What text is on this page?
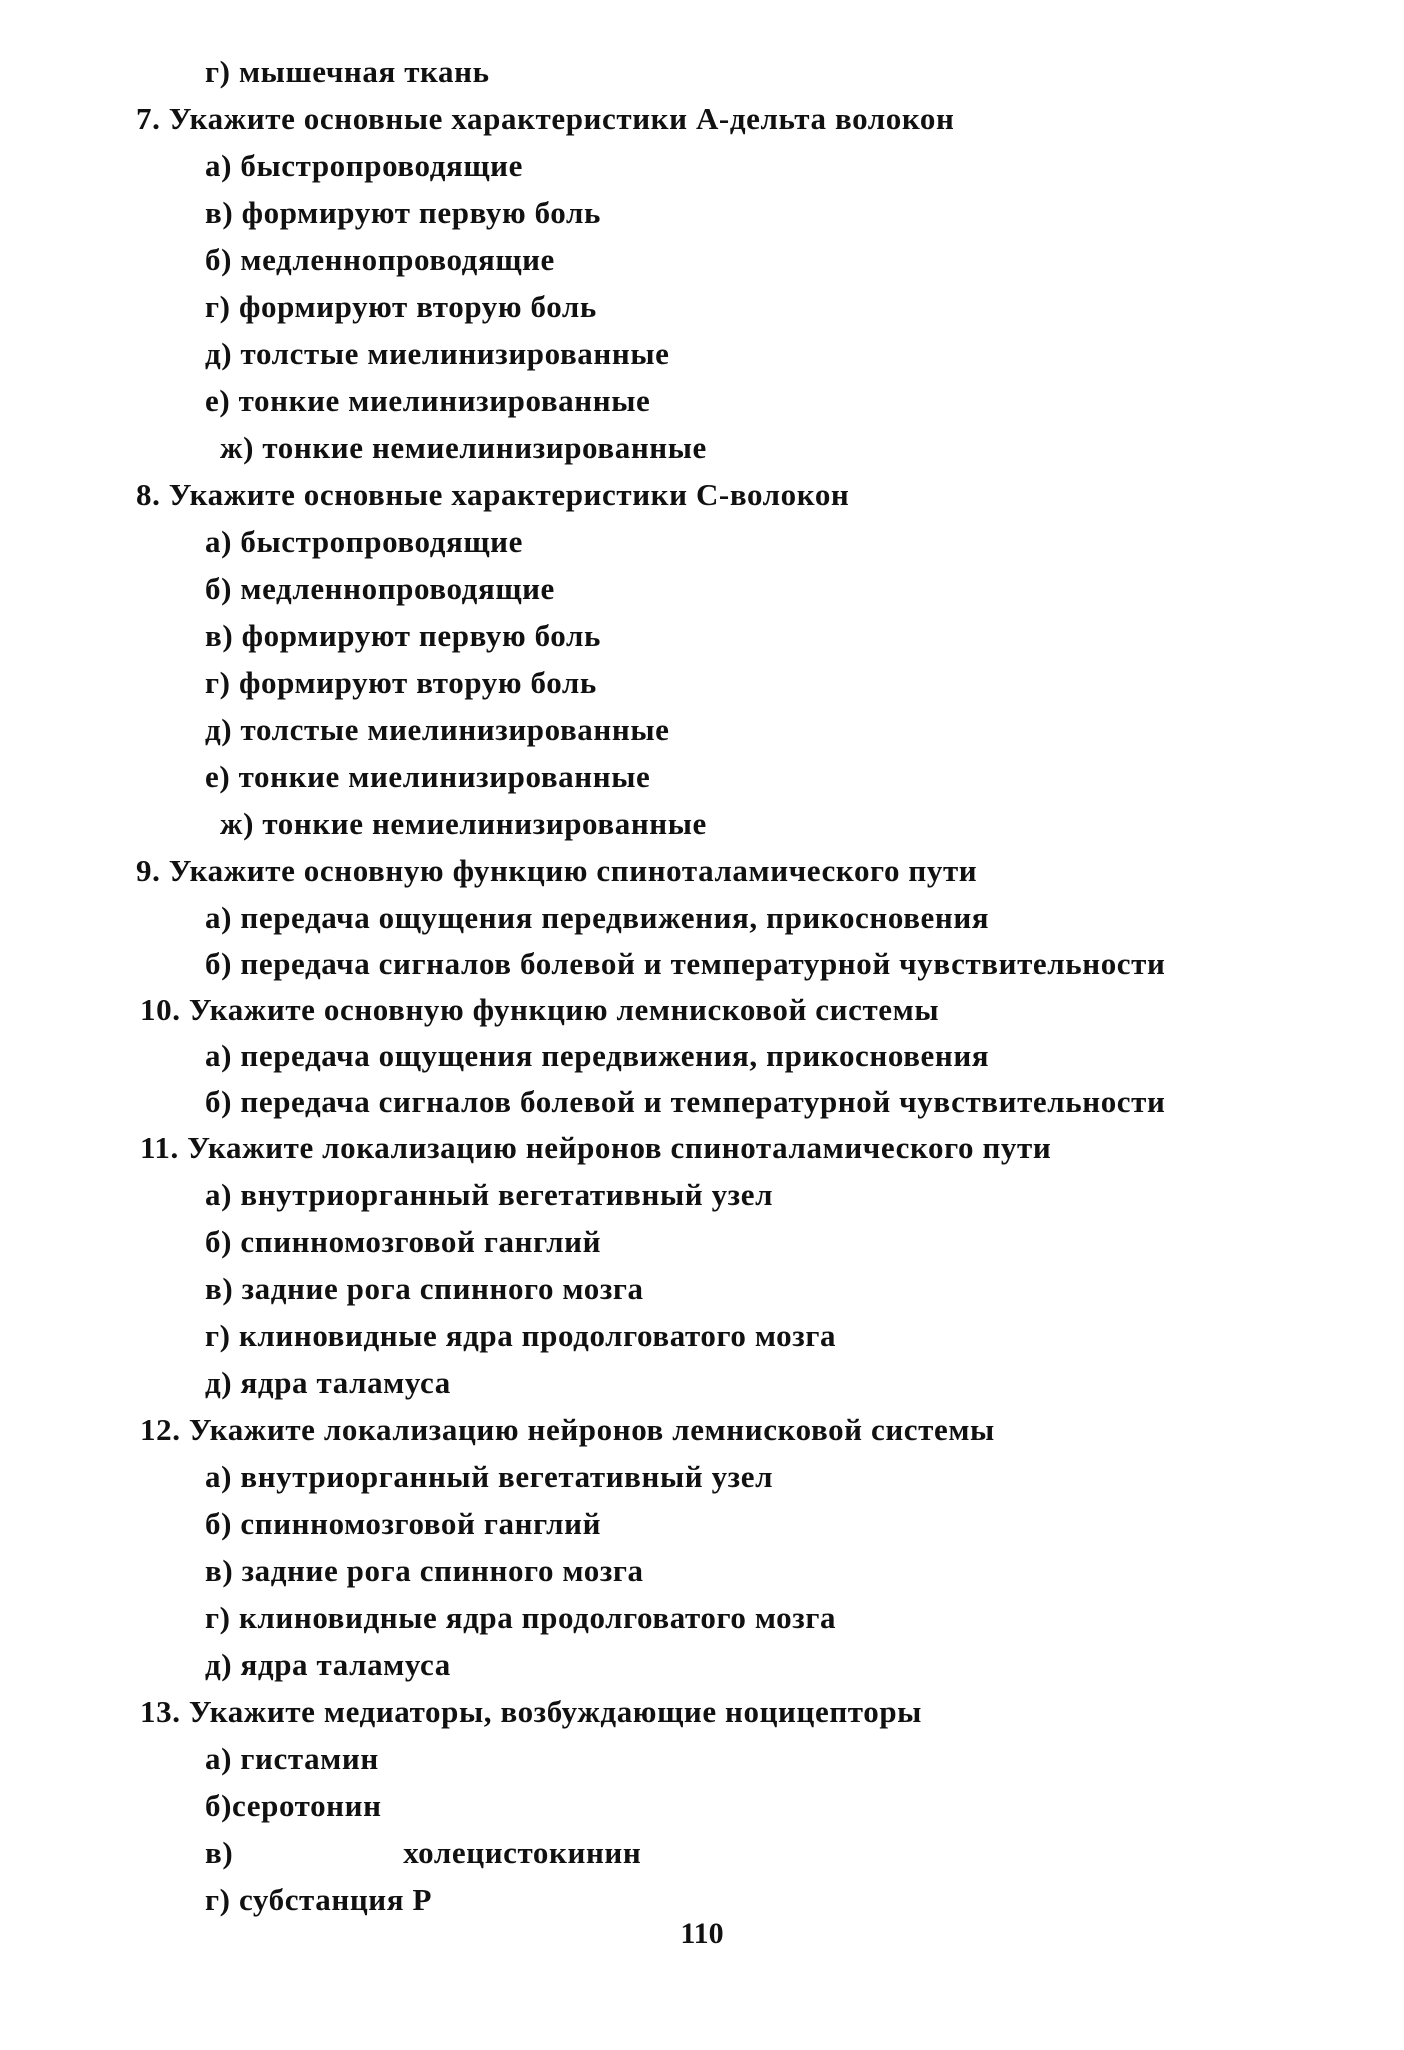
г) мышечная ткань
7. Укажите основные характеристики А-дельта волокон
а) быстропроводящие
в) формируют первую боль
б) медленнопроводящие
г) формируют вторую боль
д) толстые миелинизированные
е) тонкие миелинизированные
ж) тонкие немиелинизированные
8. Укажите основные характеристики С-волокон
а) быстропроводящие
б) медленнопроводящие
в) формируют первую боль
г) формируют вторую боль
д) толстые миелинизированные
е) тонкие миелинизированные
ж) тонкие немиелинизированные
9. Укажите основную функцию спиноталамического пути
а) передача ощущения передвижения, прикосновения
б) передача сигналов болевой и температурной чувствительности
10. Укажите основную функцию лемнисковой системы
а) передача ощущения передвижения, прикосновения
б) передача сигналов болевой и температурной чувствительности
11. Укажите локализацию нейронов спиноталамического пути
а) внутриорганный вегетативный узел
б) спинномозговой ганглий
в) задние рога спинного мозга
г) клиновидные ядра продолговатого мозга
д) ядра таламуса
12. Укажите локализацию нейронов лемнисковой системы
а) внутриорганный вегетативный узел
б) спинномозговой ганглий
в) задние рога спинного мозга
г) клиновидные ядра продолговатого мозга
д) ядра таламуса
13. Укажите медиаторы, возбуждающие ноцицепторы
а) гистамин
б)серотонин
в)	холецистокинин
г) субстанция Р
110
